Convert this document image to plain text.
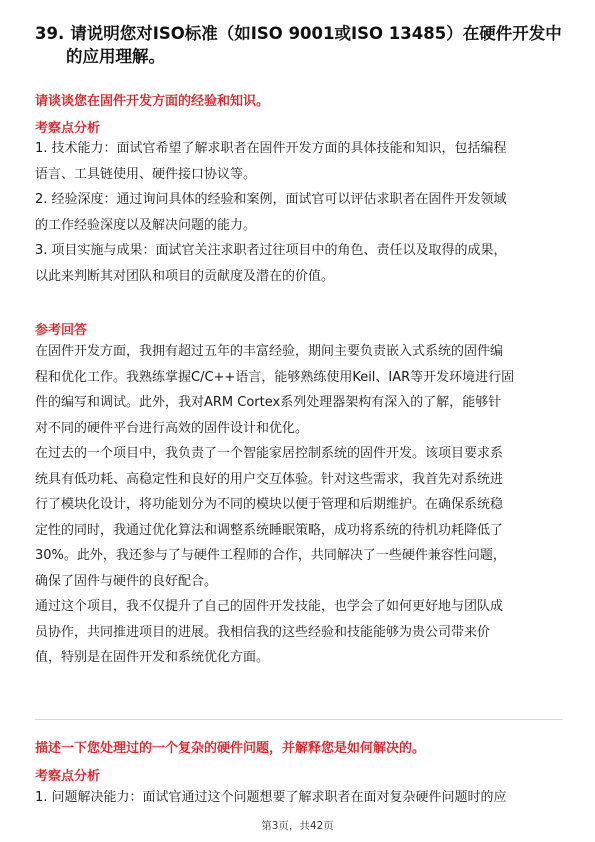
39. 请说明您对ISO标准（如ISO 9001或ISO 13485）在硬件开发中
的应用理解。
请谈谈您在固件开发方面的经验和知识。
考察点分析
1. 技术能力：面试官希望了解求职者在固件开发方面的具体技能和知识，包括编程
语言、工具链使用、硬件接口协议等。
2. 经验深度：通过询问具体的经验和案例，面试官可以评估求职者在固件开发领域
的工作经验深度以及解决问题的能力。
3. 项目实施与成果：面试官关注求职者过往项目中的角色、责任以及取得的成果，
以此来判断其对团队和项目的贡献度及潜在的价值。
参考回答
在固件开发方面，我拥有超过五年的丰富经验，期间主要负责嵌入式系统的固件编
程和优化工作。我熟练掌握C/C++语言，能够熟练使用Keil、IAR等开发环境进行固
件的编写和调试。此外，我对ARM Cortex系列处理器架构有深入的了解，能够针
对不同的硬件平台进行高效的固件设计和优化。
在过去的一个项目中，我负责了一个智能家居控制系统的固件开发。该项目要求系
统具有低功耗、高稳定性和良好的用户交互体验。针对这些需求，我首先对系统进
行了模块化设计，将功能划分为不同的模块以便于管理和后期维护。在确保系统稳
定性的同时，我通过优化算法和调整系统睡眠策略，成功将系统的待机功耗降低了
30%。此外，我还参与了与硬件工程师的合作，共同解决了一些硬件兼容性问题，
确保了固件与硬件的良好配合。
通过这个项目，我不仅提升了自己的固件开发技能，也学会了如何更好地与团队成
员协作，共同推进项目的进展。我相信我的这些经验和技能能够为贵公司带来价
值，特别是在固件开发和系统优化方面。
描述一下您处理过的一个复杂的硬件问题，并解释您是如何解决的。
考察点分析
1. 问题解决能力：面试官通过这个问题想要了解求职者在面对复杂硬件问题时的应
第3页，共42页
